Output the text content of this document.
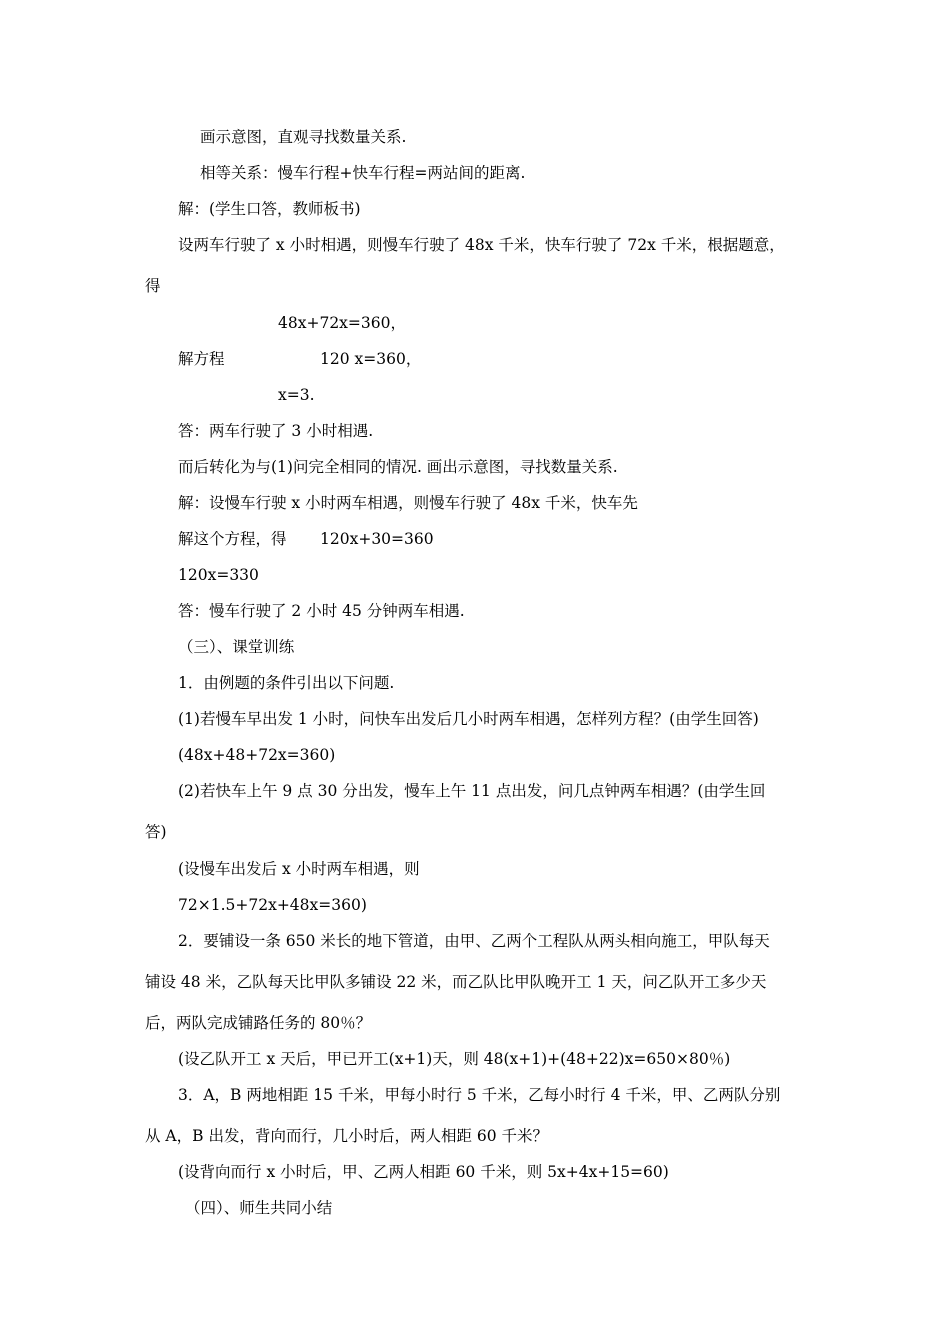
画示意图，直观寻找数量关系.
相等关系：慢车行程+快车行程=两站间的距离.
解：(学生口答，教师板书)
设两车行驶了 x 小时相遇，则慢车行驶了 48x 千米，快车行驶了 72x 千米，根据题意，
得
48x+72x=360，
解方程	120 x=360，
x=3.
答：两车行驶了 3 小时相遇.
而后转化为与(1)问完全相同的情况. 画出示意图，寻找数量关系.
解：设慢车行驶 x 小时两车相遇，则慢车行驶了 48x 千米，快车先
解这个方程，得 120x+30=360
120x=330
答：慢车行驶了 2 小时 45 分钟两车相遇.
（三）、课堂训练
1．由例题的条件引出以下问题.
(1)若慢车早出发 1 小时，问快车出发后几小时两车相遇，怎样列方程？(由学生回答)
(48x+48+72x=360)
(2)若快车上午 9 点 30 分出发，慢车上午 11 点出发，问几点钟两车相遇？(由学生回
答)
(设慢车出发后 x 小时两车相遇，则
72×1.5+72x+48x=360)
2．要铺设一条 650 米长的地下管道，由甲、乙两个工程队从两头相向施工，甲队每天
铺设 48 米，乙队每天比甲队多铺设 22 米，而乙队比甲队晚开工 1 天，问乙队开工多少天
后，两队完成铺路任务的 80％？
(设乙队开工 x 天后，甲已开工(x+1)天，则 48(x+1)+(48+22)x=650×80％)
3．A，B 两地相距 15 千米，甲每小时行 5 千米，乙每小时行 4 千米，甲、乙两队分别
从 A，B 出发，背向而行，几小时后，两人相距 60 千米？
(设背向而行 x 小时后，甲、乙两人相距 60 千米，则 5x+4x+15=60)
（四）、师生共同小结
